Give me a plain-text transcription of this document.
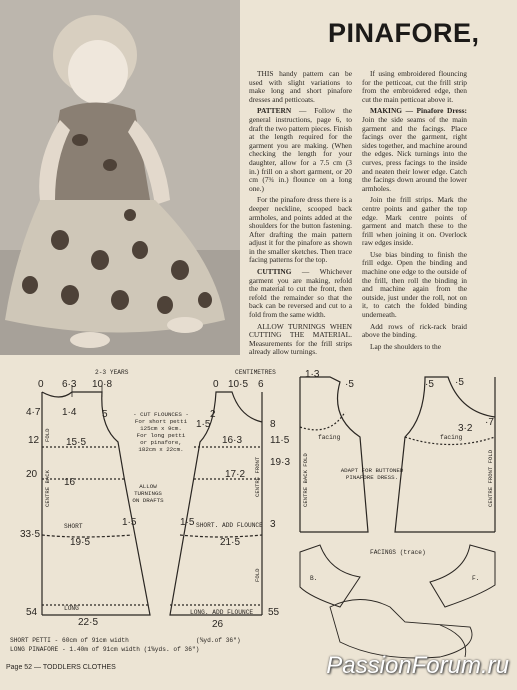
PINAFORE,

THIS handy pattern can be used with slight variations to make long and short pinafore dresses and petticoats.

PATTERN — Follow the general instructions, page 6, to draft the two pattern pieces. Finish at the length required for the garment you are making. (When checking the length for your daughter, allow for a 7.5 cm (3 in.) frill on a short garment, or 20 cm (7¾ in.) flounce on a long one.)

For the pinafore dress there is a deeper neckline, scooped back armholes, and points added at the shoulders for the button fastening. After drafting the main pattern adjust it for the pinafore as shown in the smaller sketches. Then trace facing patterns for the top.

CUTTING — Whichever garment you are making, refold the material to cut the front, then refold the remainder so that the back can be reversed and cut to a fold from the same width.

ALLOW TURNINGS WHEN CUTTING THE MATERIAL. Measurements for the frill strips already allow turnings.

If using embroidered flouncing for the petticoat, cut the frill strip from the embroidered edge, then cut the main petticoat above it.

MAKING — Pinafore Dress: Join the side seams of the main garment and the facings. Place facings over the garment, right sides together, and machine around the edges. Nick turnings into the curves, press facings to the inside and neaten their lower edge. Catch the facings down around the lower armholes.

Join the frill strips. Mark the centre points and gather the top edge. Mark centre points of garment and match these to the frill when joining it on. Overlock raw edges inside.

Use bias binding to finish the frill edge. Open the binding and machine one edge to the outside of the frill, then roll the binding in and machine again from the outside, just under the roll, not on it, to catch the folded binding underneath.

Add rows of rick-rack braid above the binding.

Lap the shoulders to the

2-3 YEARS	CENTIMETRES
0 6·3 10·8
4·7 1·4	5
12	15·5
20
16
33·5
19·5
1·5
54
22·5
0 10·5 6
1·5
2
8
11·5
16·3
19·3
17·2
1·5	3
21·5
26
55
1·3
·5	·5
·5
3·2
·7
- CUT FLOUNCES -
For short petti
125cm x 9cm.
For long petti
or pinafore,
182cm x 22cm.
ALLOW
TURNINGS
ON DRAFTS
SHORT	SHORT. ADD FLOUNCE
LONG
LONG. ADD FLOUNCE
FOLD
CENTRE BACK	CENTRE FRONT
FOLD
CENTRE BACK FOLD	CENTRE FRONT FOLD
facing	facing
ADAPT FOR BUTTONED
PINAFORE DRESS.
FACINGS (trace)
B.	F.
SHORT PETTI - 60cm of 91cm width	(⅝yd.of 36")
LONG PINAFORE - 1.40m of 91cm width (1⅝yds. of 36")
Page 52 — TODDLERS CLOTHES	PassionForum.ru
